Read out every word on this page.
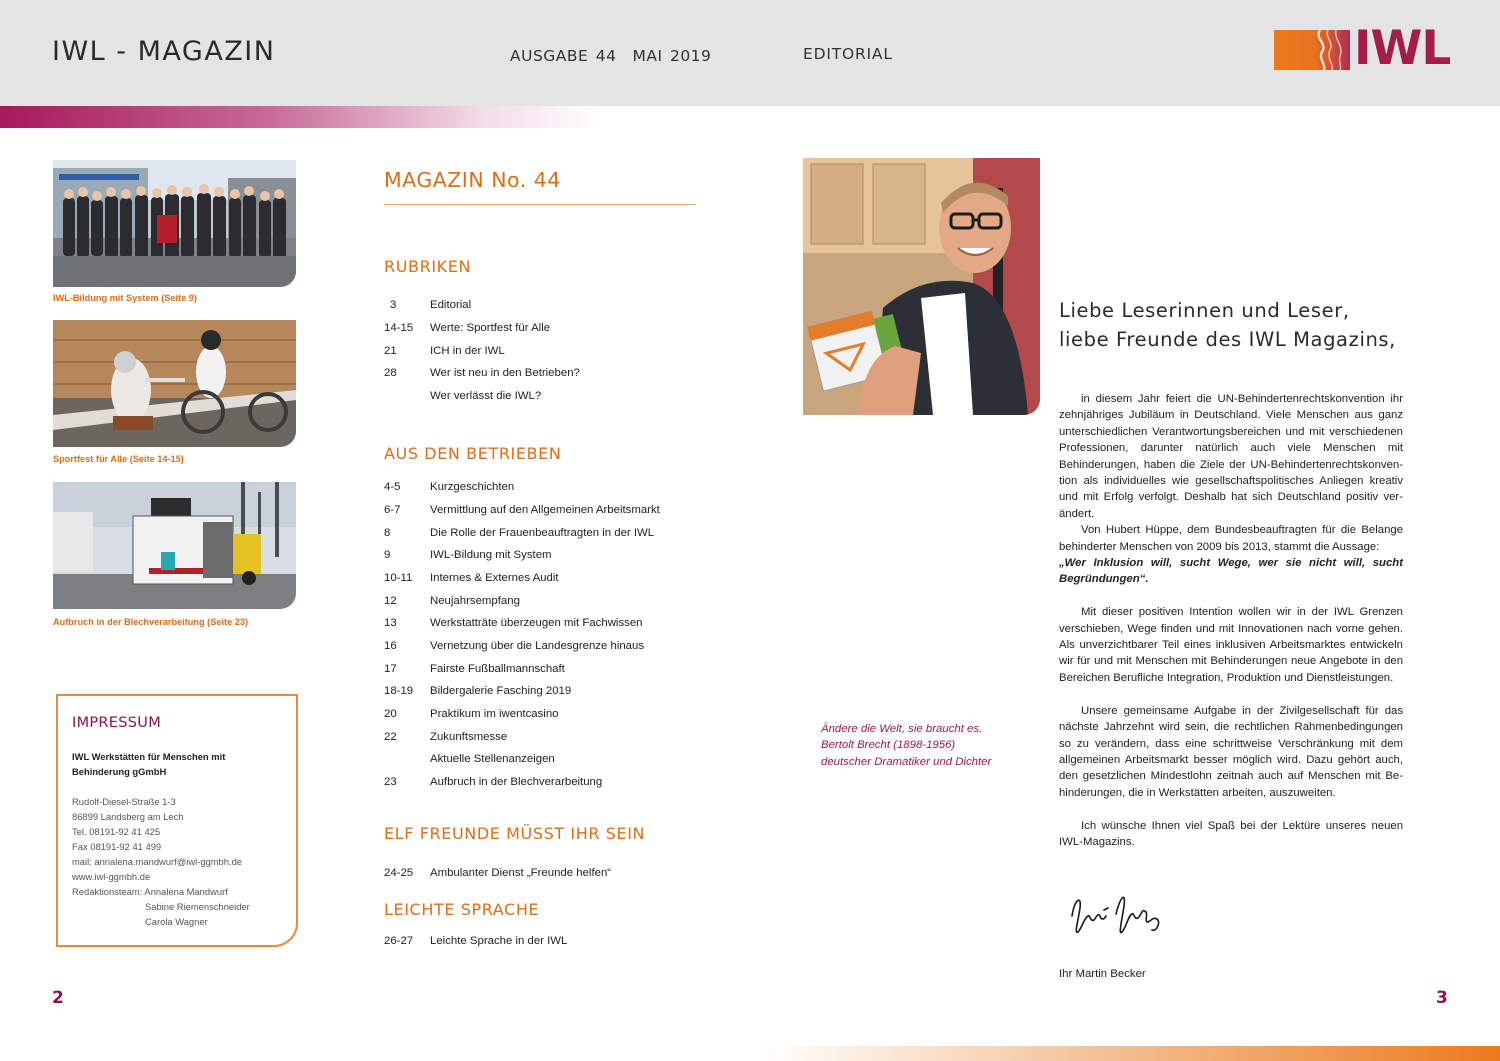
IWL - MAGAZIN	AUSGABE 44 MAI 2019	EDITORIAL	IWL
IWL-Bildung mit System (Seite 9)
Sportfest für Alle (Seite 14-15)
Aufbruch in der Blechverarbeitung (Seite 23)
IMPRESSUM
IWL Werkstätten für Menschen mit
Behinderung gGmbH
Rudolf-Diesel-Straße 1-3
86899 Landsberg am Lech
Tel. 08191-92 41 425
Fax 08191-92 41 499
mail: annalena.mandwurf@iwl-ggmbh.de
www.iwl-ggmbh.de
Redaktionsteam: Annalena Mandwurf
Sabine Riemenschneider
Carola Wagner
MAGAZIN No. 44
RUBRIKEN
3	Editorial
14-15	Werte: Sportfest für Alle
21	ICH in der IWL
28	Wer ist neu in den Betrieben?
Wer verlässt die IWL?
AUS DEN BETRIEBEN
4-5	Kurzgeschichten
6-7	Vermittlung auf den Allgemeinen Arbeitsmarkt
8	Die Rolle der Frauenbeauftragten in der IWL
9	IWL-Bildung mit System
10-11	Internes & Externes Audit
12	Neujahrsempfang
13	Werkstatträte überzeugen mit Fachwissen
16	Vernetzung über die Landesgrenze hinaus
17	Fairste Fußballmannschaft
18-19	Bildergalerie Fasching 2019
20	Praktikum im iwentcasino
22	Zukunftsmesse
Aktuelle Stellenanzeigen
23	Aufbruch in der Blechverarbeitung
ELF FREUNDE MÜSST IHR SEIN
24-25	Ambulanter Dienst „Freunde helfen“
LEICHTE SPRACHE
26-27	Leichte Sprache in der IWL
Ändere die Welt, sie braucht es.
Bertolt Brecht (1898-1956)
deutscher Dramatiker und Dichter
Liebe Leserinnen und Leser,
liebe Freunde des IWL Magazins,

in diesem Jahr feiert die UN-Behindertenrechtskonvention ihr zehnjähriges Jubiläum in Deutschland. Viele Menschen aus ganz unterschiedlichen Verantwortungsbereichen und mit verschiedenen Professionen, darunter natürlich auch viele Menschen mit Behinderungen, haben die Ziele der UN-Behindertenrechtskonvention als individuelles wie gesellschaftspolitisches Anliegen kreativ und mit Erfolg verfolgt. Deshalb hat sich Deutschland positiv verändert.

Von Hubert Hüppe, dem Bundesbeauftragten für die Belange behinderter Menschen von 2009 bis 2013, stammt die Aussage:

„Wer Inklusion will, sucht Wege, wer sie nicht will, sucht Begründungen“.

Mit dieser positiven Intention wollen wir in der IWL Grenzen verschieben, Wege finden und mit Innovationen nach vorne gehen. Als unverzichtbarer Teil eines inklusiven Arbeitsmarktes entwickeln wir für und mit Menschen mit Behinderungen neue Angebote in den Bereichen Berufliche Integration, Produktion und Dienstleistungen.

Unsere gemeinsame Aufgabe in der Zivilgesellschaft für das nächste Jahrzehnt wird sein, die rechtlichen Rahmenbedingungen so zu verändern, dass eine schrittweise Verschränkung mit dem allgemeinen Arbeitsmarkt besser möglich wird. Dazu gehört auch, den gesetzlichen Mindestlohn zeitnah auch auf Menschen mit Behinderungen, die in Werkstätten arbeiten, auszuweiten.

Ich wünsche Ihnen viel Spaß bei der Lektüre unseres neuen IWL-Magazins.

Ihr Martin Becker
2	3
